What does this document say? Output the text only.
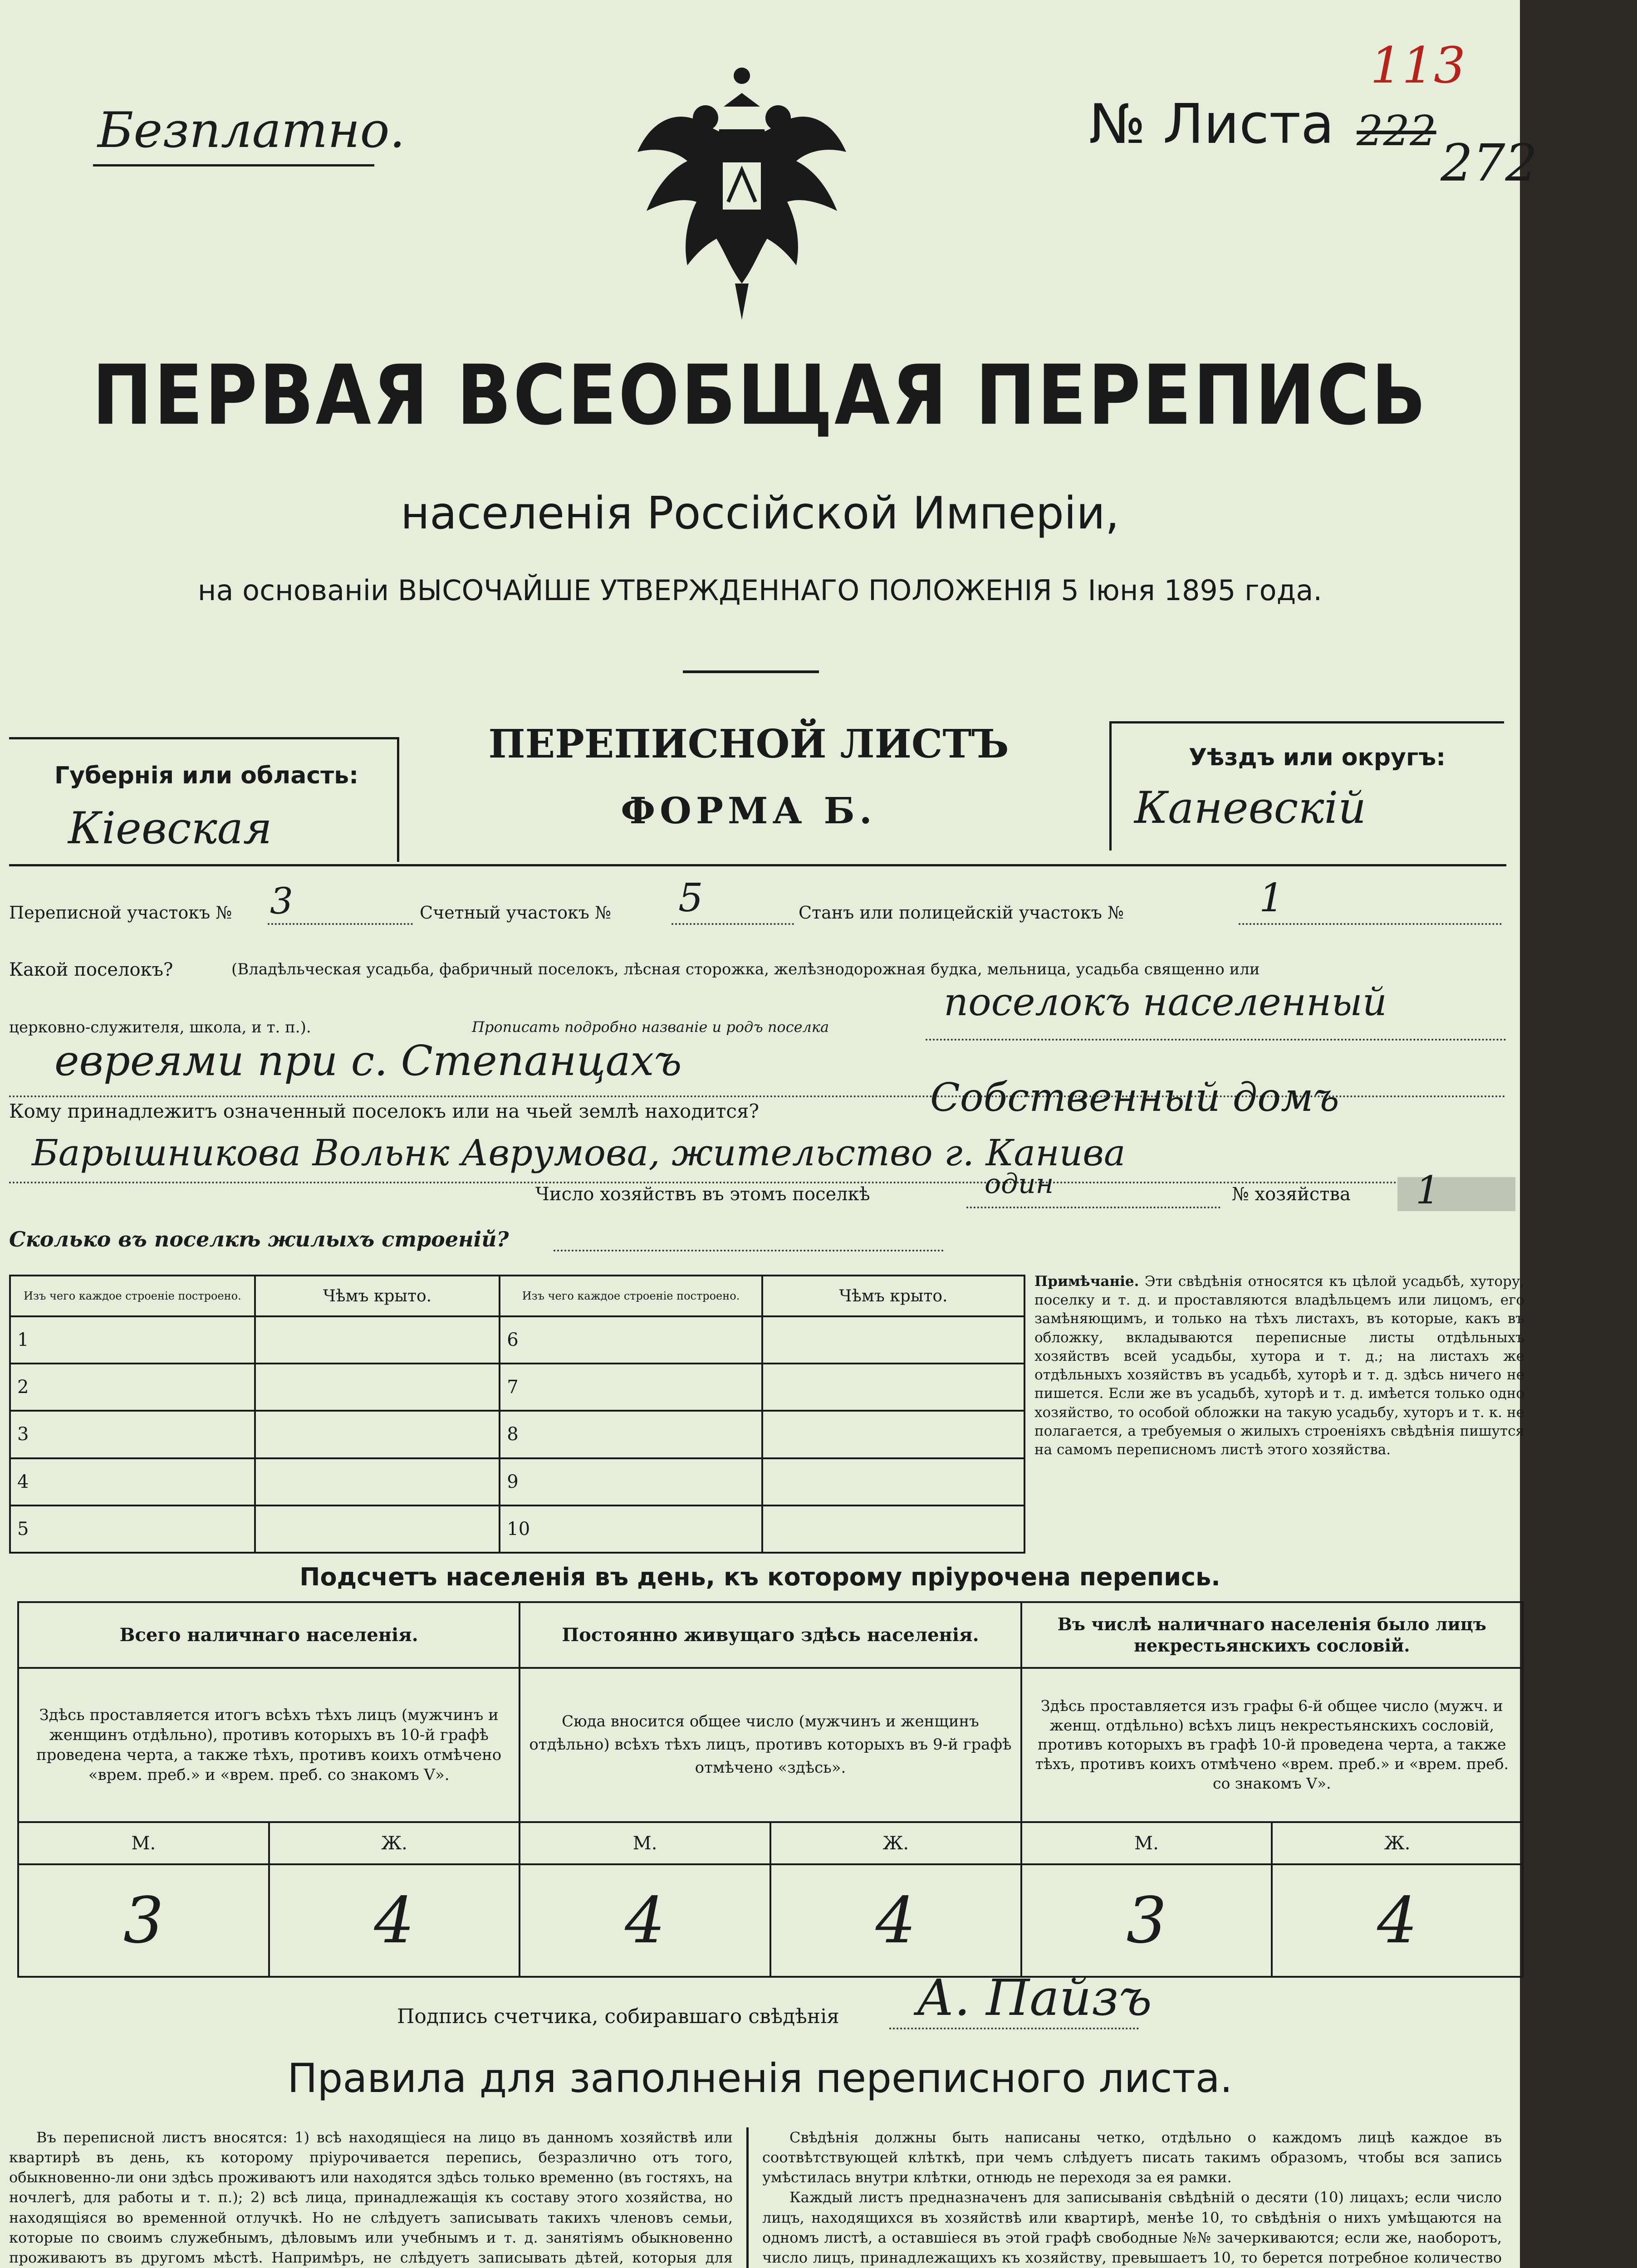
Безплатно.	№ Листа 222
113
272
ПЕРВАЯ ВСЕОБЩАЯ ПЕРЕПИСЬ
населенія Россійской Имперіи,
на основаніи ВЫСОЧАЙШЕ УТВЕРЖДЕННАГО ПОЛОЖЕНІЯ 5 Іюня 1895 года.
Губернія или область:
Кіевская
ПЕРЕПИСНОЙ ЛИСТЪ
ФОРМА Б.
Уѣздъ или округъ:
Каневскій
Переписной участокъ № 3	Счетный участокъ № 5	Станъ или полицейскій участокъ №	1
Какой поселокъ?	(Владѣльческая усадьба, фабричный поселокъ, лѣсная сторожка, желѣзнодорожная будка, мельница, усадьба священно или
церковно-служителя, школа, и т. п.).	Прописать подробно названіе и родъ поселка
поселокъ населенный
евреями при с. Степанцахъ
Кому принадлежитъ означенный поселокъ или на чьей землѣ находится?	Собственный домъ
Барышникова Вольнк Аврумова, жительство г. Канива
Число хозяйствъ въ этомъ поселкѣ	один	№ хозяйства 1
Сколько въ поселкѣ жилыхъ строеній?
Изъ чего каждое строеніе построено.	Чѣмъ крыто.	Изъ чего каждое строеніе построено.	Чѣмъ крыто.
1		6	
2		7	
3		8	
4		9	
5		10	
Примѣчаніе. Эти свѣдѣнія относятся къ цѣлой усадьбѣ, хутору, поселку и т. д. и проставляются владѣльцемъ или лицомъ, его замѣняющимъ, и только на тѣхъ листахъ, въ которые, какъ въ обложку, вкладываются переписные листы отдѣльныхъ хозяйствъ всей усадьбы, хутора и т. д.; на листахъ же отдѣльныхъ хозяйствъ въ усадьбѣ, хуторѣ и т. д. здѣсь ничего не пишется. Если же въ усадьбѣ, хуторѣ и т. д. имѣется только одно хозяйство, то особой обложки на такую усадьбу, хуторъ и т. к. не полагается, а требуемыя о жилыхъ строеніяхъ свѣдѣнія пишутся на самомъ переписномъ листѣ этого хозяйства.
Подсчетъ населенія въ день, къ которому пріурочена перепись.
Всего наличнаго населенія.		Постоянно живущаго здѣсь населенія.		Въ числѣ наличнаго населенія было лицъ некрестьянскихъ сословій.	
Здѣсь проставляется итогъ всѣхъ тѣхъ лицъ (мужчинъ и женщинъ отдѣльно), противъ которыхъ въ 10-й графѣ проведена черта, а также тѣхъ, противъ коихъ отмѣчено «врем. преб.» и «врем. преб. со знакомъ V».		Сюда вносится общее число (мужчинъ и женщинъ отдѣльно) всѣхъ тѣхъ лицъ, противъ которыхъ въ 9-й графѣ отмѣчено «здѣсь».		Здѣсь проставляется изъ графы 6-й общее число (мужч. и женщ. отдѣльно) всѣхъ лицъ некрестьянскихъ сословій, противъ которыхъ въ графѣ 10-й проведена черта, а также тѣхъ, противъ коихъ отмѣчено «врем. преб.» и «врем. преб. со знакомъ V».	
М.	Ж.	М.	Ж.	М.	Ж.
3	4	4	4	3	4
Подпись счетчика, собиравшаго свѣдѣнія А. Пайзъ
Правила для заполненія переписного листа.

Въ переписной листъ вносятся: 1) всѣ находящіеся на лицо въ данномъ хозяйствѣ или квартирѣ въ день, къ которому пріурочивается перепись, безразлично отъ того, обыкновенно-ли они здѣсь проживаютъ или находятся здѣсь только временно (въ гостяхъ, на ночлегѣ, для работы и т. п.); 2) всѣ лица, принадлежащія къ составу этого хозяйства, но находящіяся во временной отлучкѣ. Но не слѣдуетъ записывать такихъ членовъ семьи, которые по своимъ служебнымъ, дѣловымъ или учебнымъ и т. д. занятіямъ обыкновенно проживаютъ въ другомъ мѣстѣ. Напримѣръ, не слѣдуетъ записывать дѣтей, которыя для

Свѣдѣнія должны быть написаны четко, отдѣльно о каждомъ лицѣ каждое въ соотвѣтствующей клѣткѣ, при чемъ слѣдуетъ писать такимъ образомъ, чтобы вся запись умѣстилась внутри клѣтки, отнюдь не переходя за ея рамки.

Каждый листъ предназначенъ для записыванія свѣдѣній о десяти (10) лицахъ; если число лицъ, находящихся въ хозяйствѣ или квартирѣ, менѣе 10, то свѣдѣнія о нихъ умѣщаются на одномъ листѣ, а оставшіеся въ этой графѣ свободные №№ зачеркиваются; если же, наоборотъ, число лицъ, принадлежащихъ къ хозяйству, превышаетъ 10, то берется потребное количество
